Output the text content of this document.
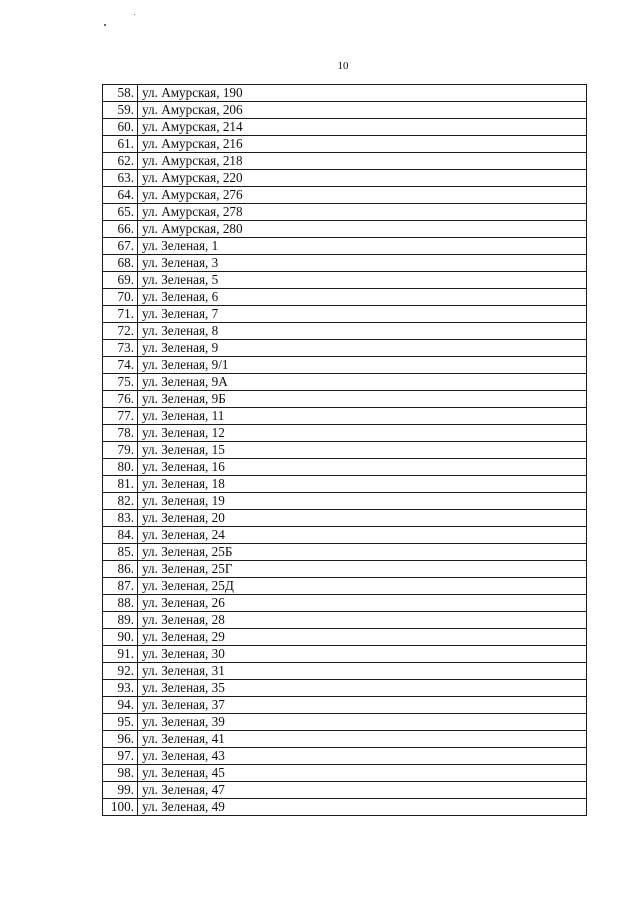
10
58.	ул. Амурская, 190
59.	ул. Амурская, 206
60.	ул. Амурская, 214
61.	ул. Амурская, 216
62.	ул. Амурская, 218
63.	ул. Амурская, 220
64.	ул. Амурская, 276
65.	ул. Амурская, 278
66.	ул. Амурская, 280
67.	ул. Зеленая, 1
68.	ул. Зеленая, 3
69.	ул. Зеленая, 5
70.	ул. Зеленая, 6
71.	ул. Зеленая, 7
72.	ул. Зеленая, 8
73.	ул. Зеленая, 9
74.	ул. Зеленая, 9/1
75.	ул. Зеленая, 9А
76.	ул. Зеленая, 9Б
77.	ул. Зеленая, 11
78.	ул. Зеленая, 12
79.	ул. Зеленая, 15
80.	ул. Зеленая, 16
81.	ул. Зеленая, 18
82.	ул. Зеленая, 19
83.	ул. Зеленая, 20
84.	ул. Зеленая, 24
85.	ул. Зеленая, 25Б
86.	ул. Зеленая, 25Г
87.	ул. Зеленая, 25Д
88.	ул. Зеленая, 26
89.	ул. Зеленая, 28
90.	ул. Зеленая, 29
91.	ул. Зеленая, 30
92.	ул. Зеленая, 31
93.	ул. Зеленая, 35
94.	ул. Зеленая, 37
95.	ул. Зеленая, 39
96.	ул. Зеленая, 41
97.	ул. Зеленая, 43
98.	ул. Зеленая, 45
99.	ул. Зеленая, 47
100.	ул. Зеленая, 49
